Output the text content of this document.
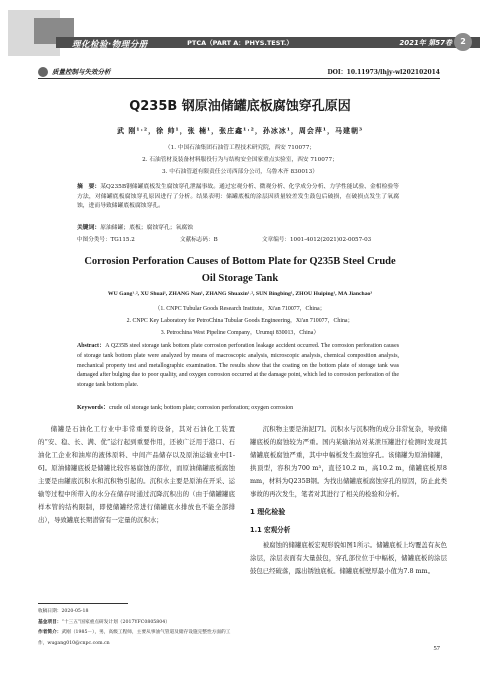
理化检验·物理分册	PTCA（PART A：PHYS.TEST.）	2021年 第57卷	2
质量控制与失效分析	DOI：10.11973/lhjy-wl202102014
Q235B 钢原油储罐底板腐蚀穿孔原因
武 刚¹˒²，徐 帅¹，张 楠¹，张庄鑫¹˒²，孙冰冰¹，周会萍¹，马建朝³
（1. 中国石油集团石油管工程技术研究院，西安 710077；
2. 石油管材及装备材料服役行为与结构安全国家重点实验室，西安 710077；
3. 中石油管道有限责任公司西部分公司，乌鲁木齐 830013）
摘　要：某Q235B钢储罐底板发生腐蚀穿孔泄漏事故。通过宏观分析、微观分析、化学成分分析、力学性能试验、金相检验等方法，对储罐底板腐蚀穿孔原因进行了分析。结果表明：储罐底板的涂层因质量较差发生鼓包后破损，在破损点发生了氧腐蚀，进而导致储罐底板腐蚀穿孔。
关键词：原油储罐；底板；腐蚀穿孔；氧腐蚀
中图分类号：TG115.2	文献标志码：B	文章编号：1001-4012(2021)02-0057-03
Corrosion Perforation Causes of Bottom Plate for Q235B Steel Crude
Oil Storage Tank
WU Gang¹˒², XU Shuai¹, ZHANG Nan¹, ZHANG Shuaxin¹˒², SUN Bingbing¹, ZHOU Huiping¹, MA Jianchao³
（1. CNPC Tubular Goods Research Institute，Xi'an 710077，China；
2. CNPC Key Laboratory for PetroChina Tubular Goods Engineering，Xi'an 710077，China；
3. Petrochina West Pipeline Company，Urumqi 830013，China）
Abstract：A Q235B steel storage tank bottom plate corrosion perforation leakage accident occurred. The corrosion perforation causes of storage tank bottom plate were analyzed by means of macroscopic analysis, microscopic analysis, chemical composition analysis, mechanical property test and metallographic examination. The results show that the coating on the bottom plate of storage tank was damaged after bulging due to poor quality, and oxygen corrosion occurred at the damage point, which led to corrosion perforation of the storage tank bottom plate.
Keywords：crude oil storage tank; bottom plate; corrosion perforation; oxygen corrosion

储罐是石油化工行业中非常重要的设备，其对石油化工装置的“安、稳、长、满、优”运行起到重要作用，还被广泛用于港口、石油化工企业和油库的液体原料、中间产品储存以及原油运输业中[1-6]。原油储罐底板是储罐比较容易腐蚀的部位，而原油储罐底板腐蚀主要是由罐底沉积水和沉积物引起的。沉积水主要是原油在开采、运输等过程中所带入的水分在储存时通过沉降沉积出的（由于储罐罐底样本管的结构限制，即使储罐经常进行储罐底水排放也不能全部排出），导致罐底长期潜留有一定量的沉积水；

沉积物主要是油泥[7]。沉积水与沉积物的成分非常复杂，导致储罐底板的腐蚀较为严重。国内某输油站对某泄压罐进行检测时发现其储罐底板腐蚀严重，其中中幅板发生腐蚀穿孔。该储罐为原油储罐，拱顶型，容积为700 m³，直径10.2 m，高10.2 m，储罐底板厚8 mm，材料为Q235B钢。为找出储罐底板腐蚀穿孔的原因，防止此类事故的再次发生，笔者对其进行了相关的检验和分析。

1 理化检验
1.1 宏观分析

被腐蚀的储罐底板宏观形貌如图1所示。储罐底板上均覆盖有灰色涂层，涂层表面有大量鼓包，穿孔部位位于中幅板，储罐底板的涂层鼓包已经破落，露出锈蚀底板。储罐底板壁厚最小值为7.8 mm。

收稿日期：2020-05-18
基金项目：“十三五”国家重点研发计划（2017YFC0805804）
作者简介：武刚（1985－），男，高级工程师，主要从事油气管道及储存设施完整性方面的工作，wugang010@cnpc.com.cn
57
